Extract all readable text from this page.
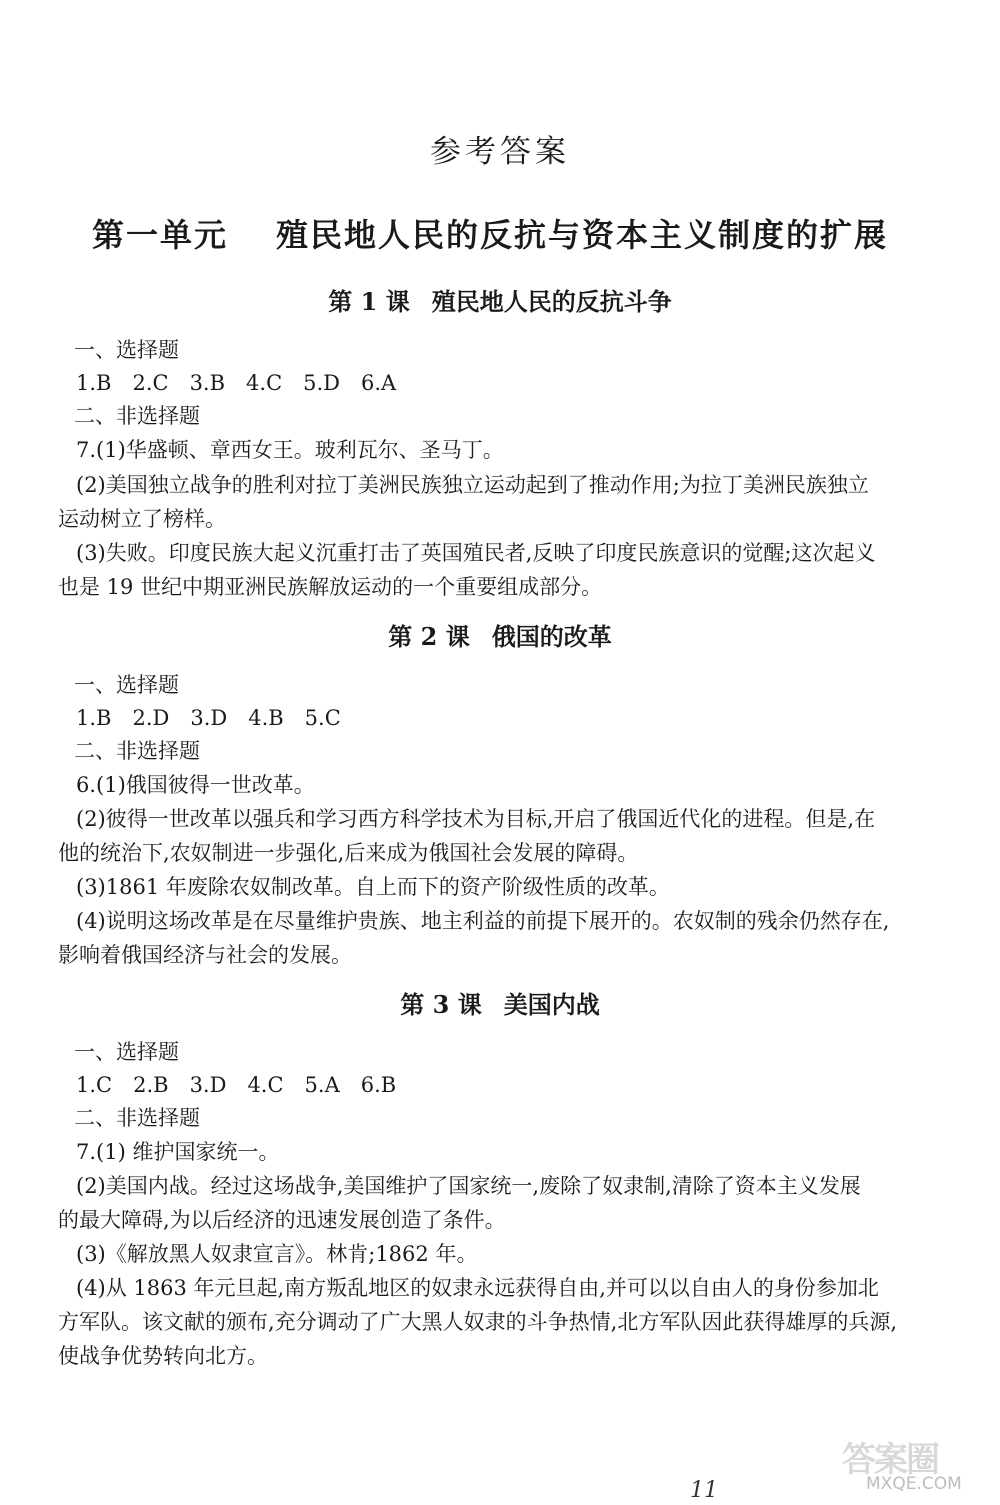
参考答案
第一单元 殖民地人民的反抗与资本主义制度的扩展
第 1 课 殖民地人民的反抗斗争
一、选择题
1.B　2.C　3.B　4.C　5.D　6.A
二、非选择题
7.(1)华盛顿、章西女王。玻利瓦尔、圣马丁。
(2)美国独立战争的胜利对拉丁美洲民族独立运动起到了推动作用;为拉丁美洲民族独立
运动树立了榜样。
(3)失败。印度民族大起义沉重打击了英国殖民者,反映了印度民族意识的觉醒;这次起义
也是 19 世纪中期亚洲民族解放运动的一个重要组成部分。
第 2 课 俄国的改革
一、选择题
1.B　2.D　3.D　4.B　5.C
二、非选择题
6.(1)俄国彼得一世改革。
(2)彼得一世改革以强兵和学习西方科学技术为目标,开启了俄国近代化的进程。但是,在
他的统治下,农奴制进一步强化,后来成为俄国社会发展的障碍。
(3)1861 年废除农奴制改革。自上而下的资产阶级性质的改革。
(4)说明这场改革是在尽量维护贵族、地主利益的前提下展开的。农奴制的残余仍然存在,
影响着俄国经济与社会的发展。
第 3 课 美国内战
一、选择题
1.C　2.B　3.D　4.C　5.A　6.B
二、非选择题
7.(1) 维护国家统一。
(2)美国内战。经过这场战争,美国维护了国家统一,废除了奴隶制,清除了资本主义发展
的最大障碍,为以后经济的迅速发展创造了条件。
(3)《解放黑人奴隶宣言》。林肯;1862 年。
(4)从 1863 年元旦起,南方叛乱地区的奴隶永远获得自由,并可以以自由人的身份参加北
方军队。该文献的颁布,充分调动了广大黑人奴隶的斗争热情,北方军队因此获得雄厚的兵源,
使战争优势转向北方。
11
答案圈
MXQE.COM
